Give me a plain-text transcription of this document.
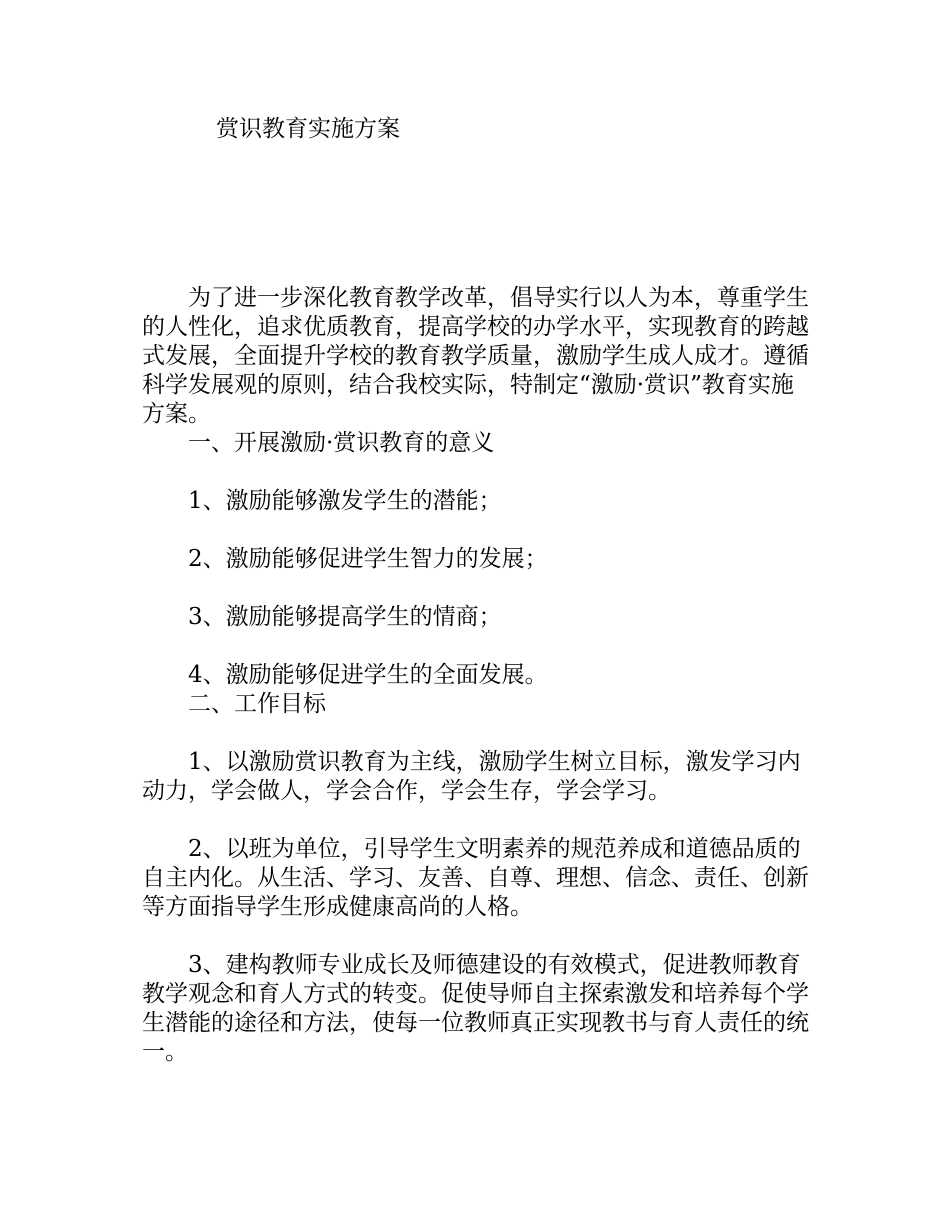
赏识教育实施方案

为了进一步深化教育教学改革，倡导实行以人为本，尊重学生的人性化，追求优质教育，提高学校的办学水平，实现教育的跨越式发展，全面提升学校的教育教学质量，激励学生成人成才。遵循科学发展观的原则，结合我校实际，特制定“激励·赏识”教育实施方案。

一、开展激励·赏识教育的意义

1、激励能够激发学生的潜能；

2、激励能够促进学生智力的发展；

3、激励能够提高学生的情商；

4、激励能够促进学生的全面发展。

二、工作目标

1、以激励赏识教育为主线，激励学生树立目标，激发学习内动力，学会做人，学会合作，学会生存，学会学习。

2、以班为单位，引导学生文明素养的规范养成和道德品质的自主内化。从生活、学习、友善、自尊、理想、信念、责任、创新等方面指导学生形成健康高尚的人格。

3、建构教师专业成长及师德建设的有效模式，促进教师教育教学观念和育人方式的转变。促使导师自主探索激发和培养每个学生潜能的途径和方法，使每一位教师真正实现教书与育人责任的统一。
